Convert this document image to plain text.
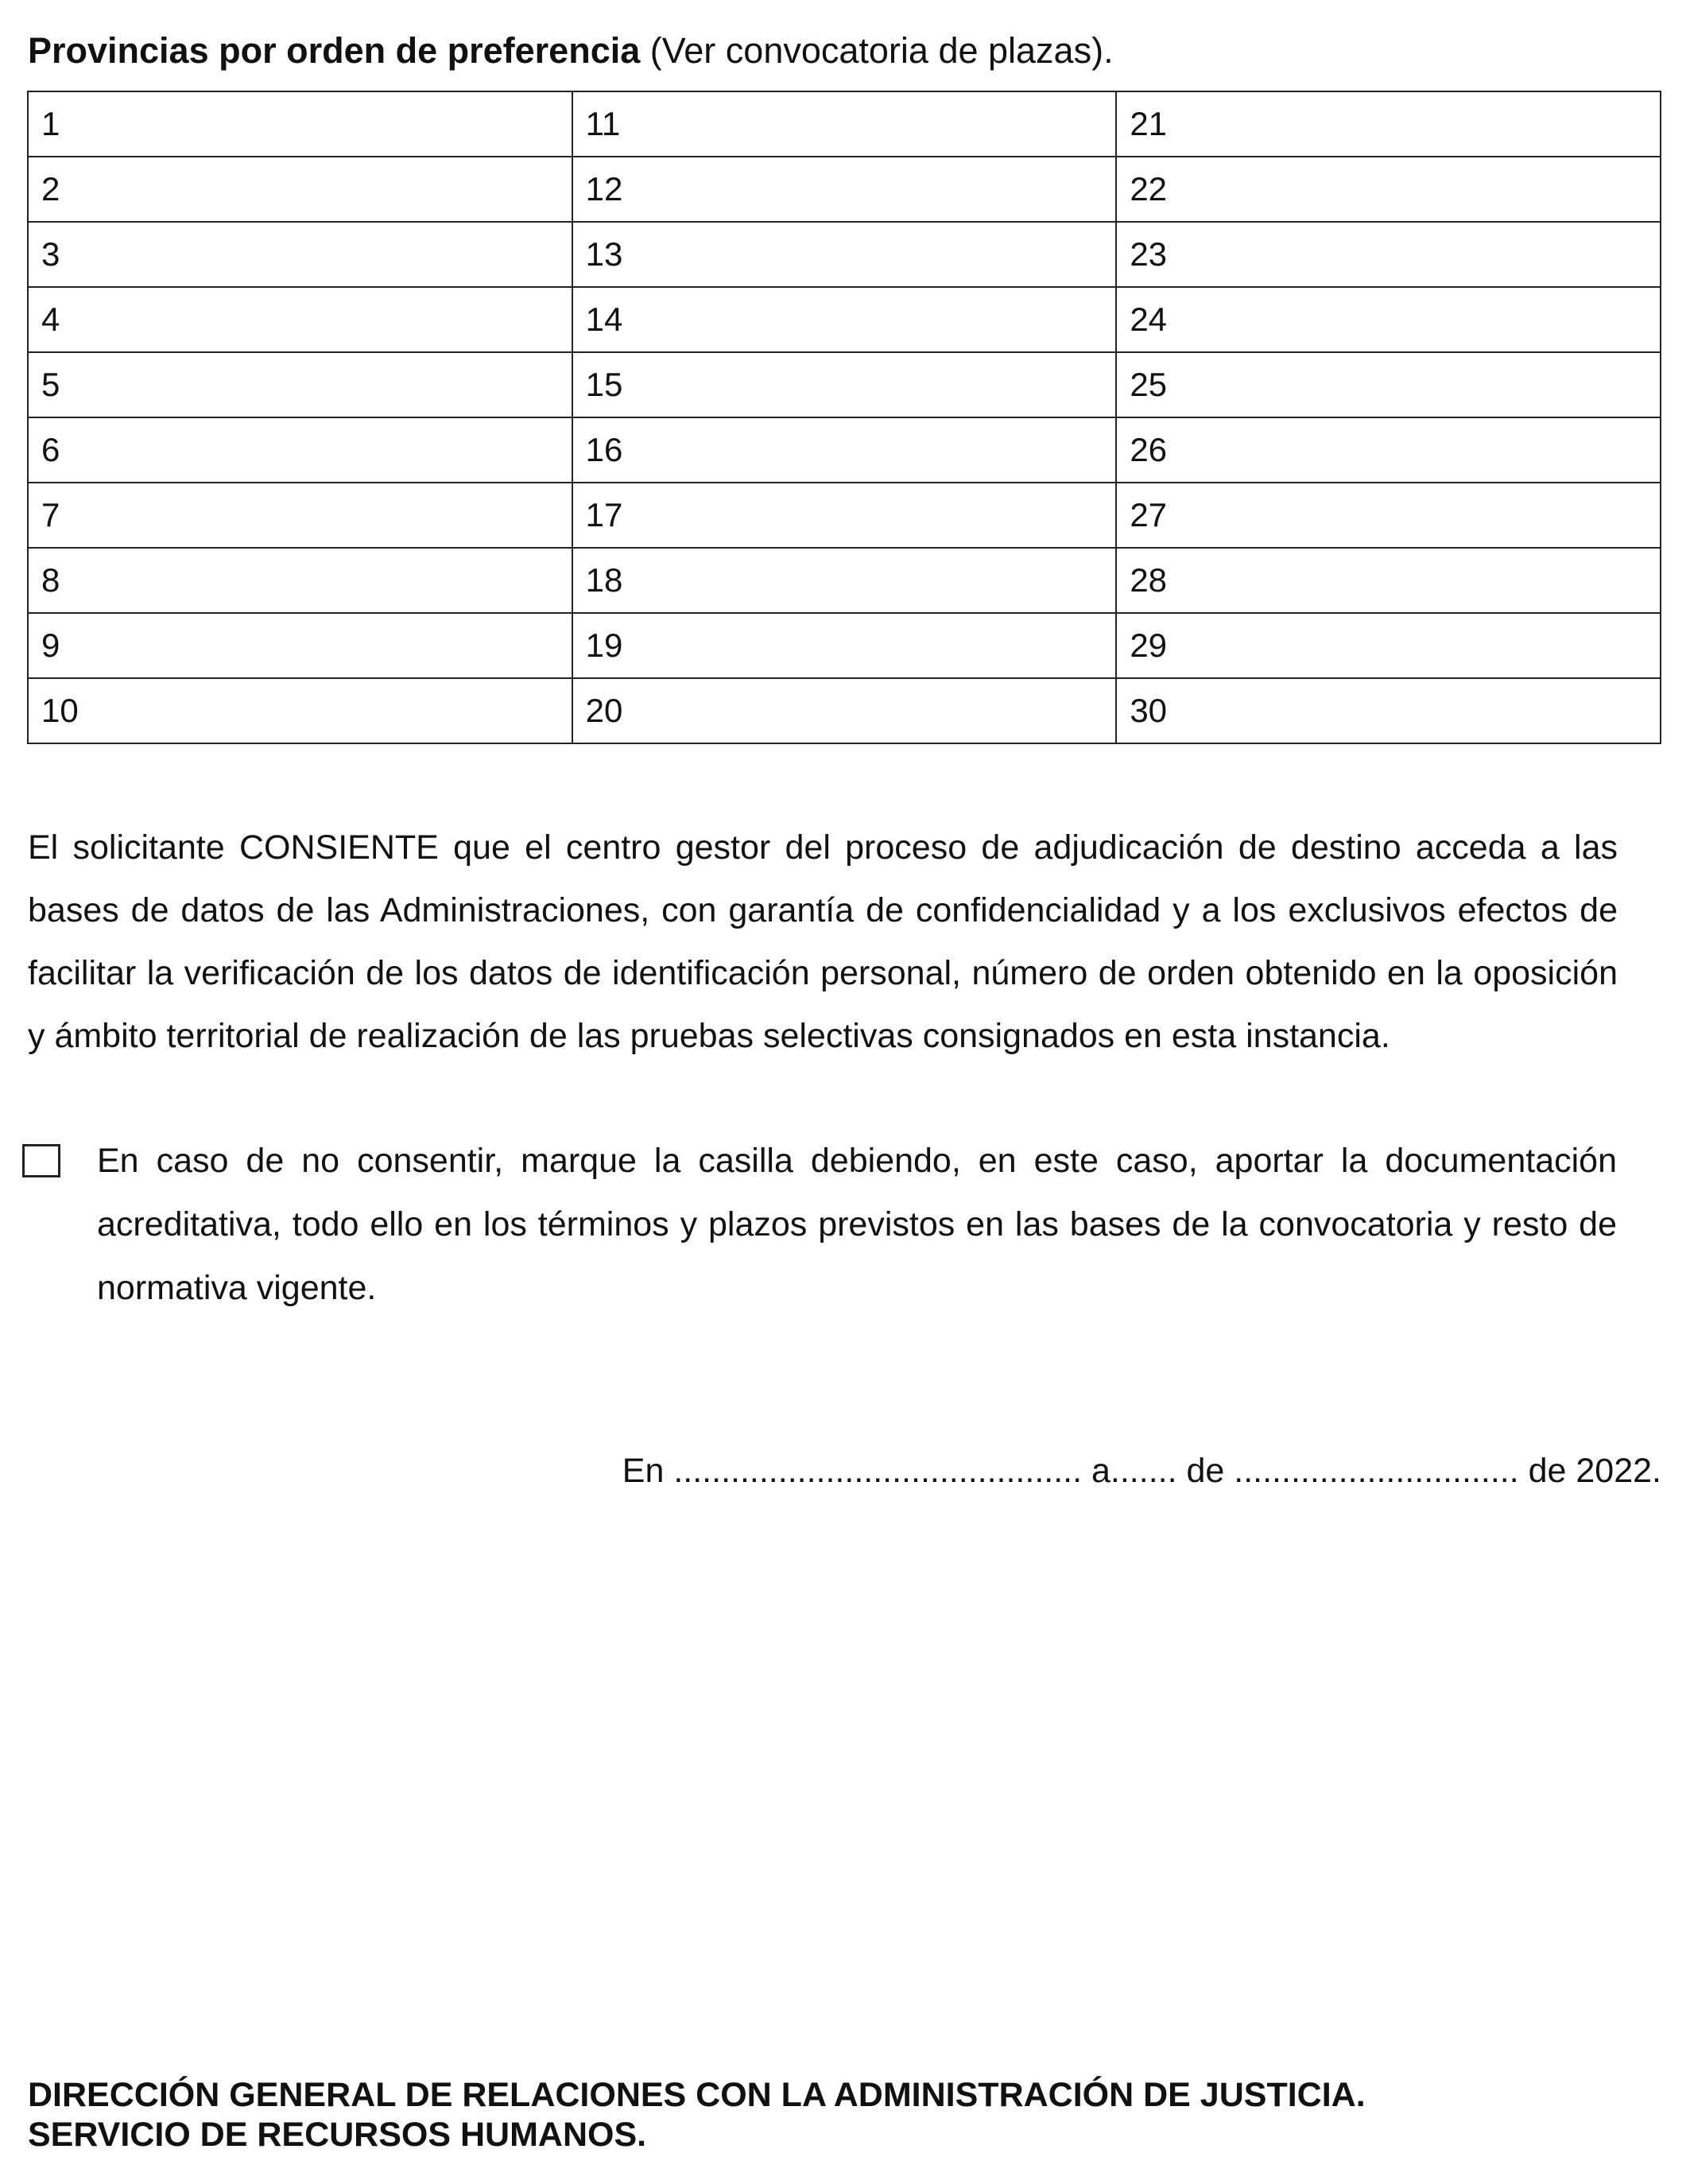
Provincias por orden de preferencia (Ver convocatoria de plazas).
1	11	21
2	12	22
3	13	23
4	14	24
5	15	25
6	16	26
7	17	27
8	18	28
9	19	29
10	20	30
El solicitante CONSIENTE que el centro gestor del proceso de adjudicación de destino acceda a las bases de datos de las Administraciones, con garantía de confidencialidad y a los exclusivos efectos de facilitar la verificación de los datos de identificación personal, número de orden obtenido en la oposición y ámbito territorial de realización de las pruebas selectivas consignados en esta instancia.
En caso de no consentir, marque la casilla debiendo, en este caso, aportar la documentación acreditativa, todo ello en los términos y plazos previstos en las bases de la convocatoria y resto de normativa vigente.
En ........................................... a....... de .............................. de 2022.
DIRECCIÓN GENERAL DE RELACIONES CON LA ADMINISTRACIÓN DE JUSTICIA.
SERVICIO DE RECURSOS HUMANOS.
